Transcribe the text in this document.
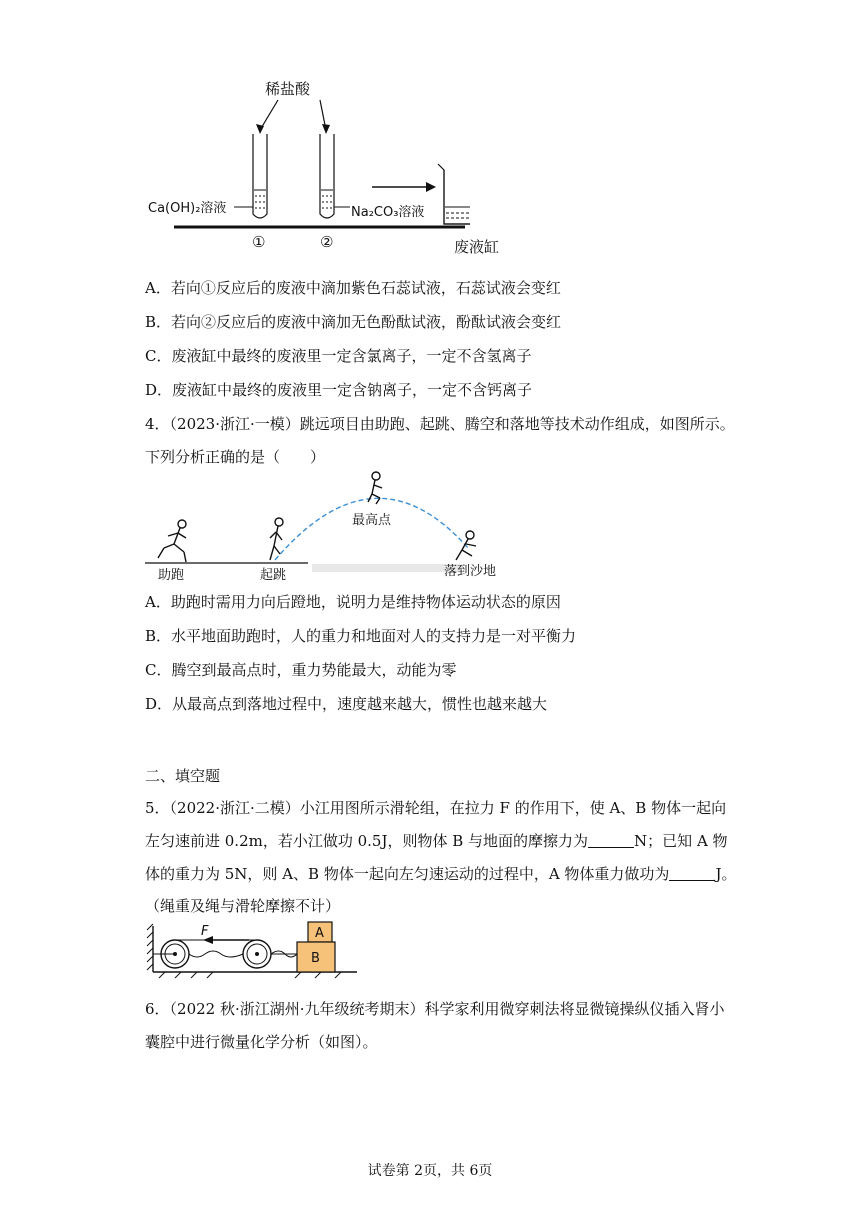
稀盐酸
Ca(OH)₂溶液	Na₂CO₃溶液
①	②	废液缸
A．若向①反应后的废液中滴加紫色石蕊试液，石蕊试液会变红
B．若向②反应后的废液中滴加无色酚酞试液，酚酞试液会变红
C．废液缸中最终的废液里一定含氯离子，一定不含氢离子
D．废液缸中最终的废液里一定含钠离子，一定不含钙离子
4．（2023·浙江·一模）跳远项目由助跑、起跳、腾空和落地等技术动作组成，如图所示。
下列分析正确的是（　　）
助跑	起跳
最高点
落到沙地
A．助跑时需用力向后蹬地，说明力是维持物体运动状态的原因
B．水平地面助跑时，人的重力和地面对人的支持力是一对平衡力
C．腾空到最高点时，重力势能最大，动能为零
D．从最高点到落地过程中，速度越来越大，惯性也越来越大
二、填空题
5．（2022·浙江·二模）小江用图所示滑轮组，在拉力 F 的作用下，使 A、B 物体一起向
左匀速前进 0.2m，若小江做功 0.5J，则物体 B 与地面的摩擦力为	N；已知 A 物
体的重力为 5N，则 A、B 物体一起向左匀速运动的过程中，A 物体重力做功为	J。
（绳重及绳与滑轮摩擦不计）
F	A
B
6．（2022 秋·浙江湖州·九年级统考期末）科学家利用微穿刺法将显微镜操纵仪插入肾小
囊腔中进行微量化学分析（如图）。
试卷第 2页，共 6页
